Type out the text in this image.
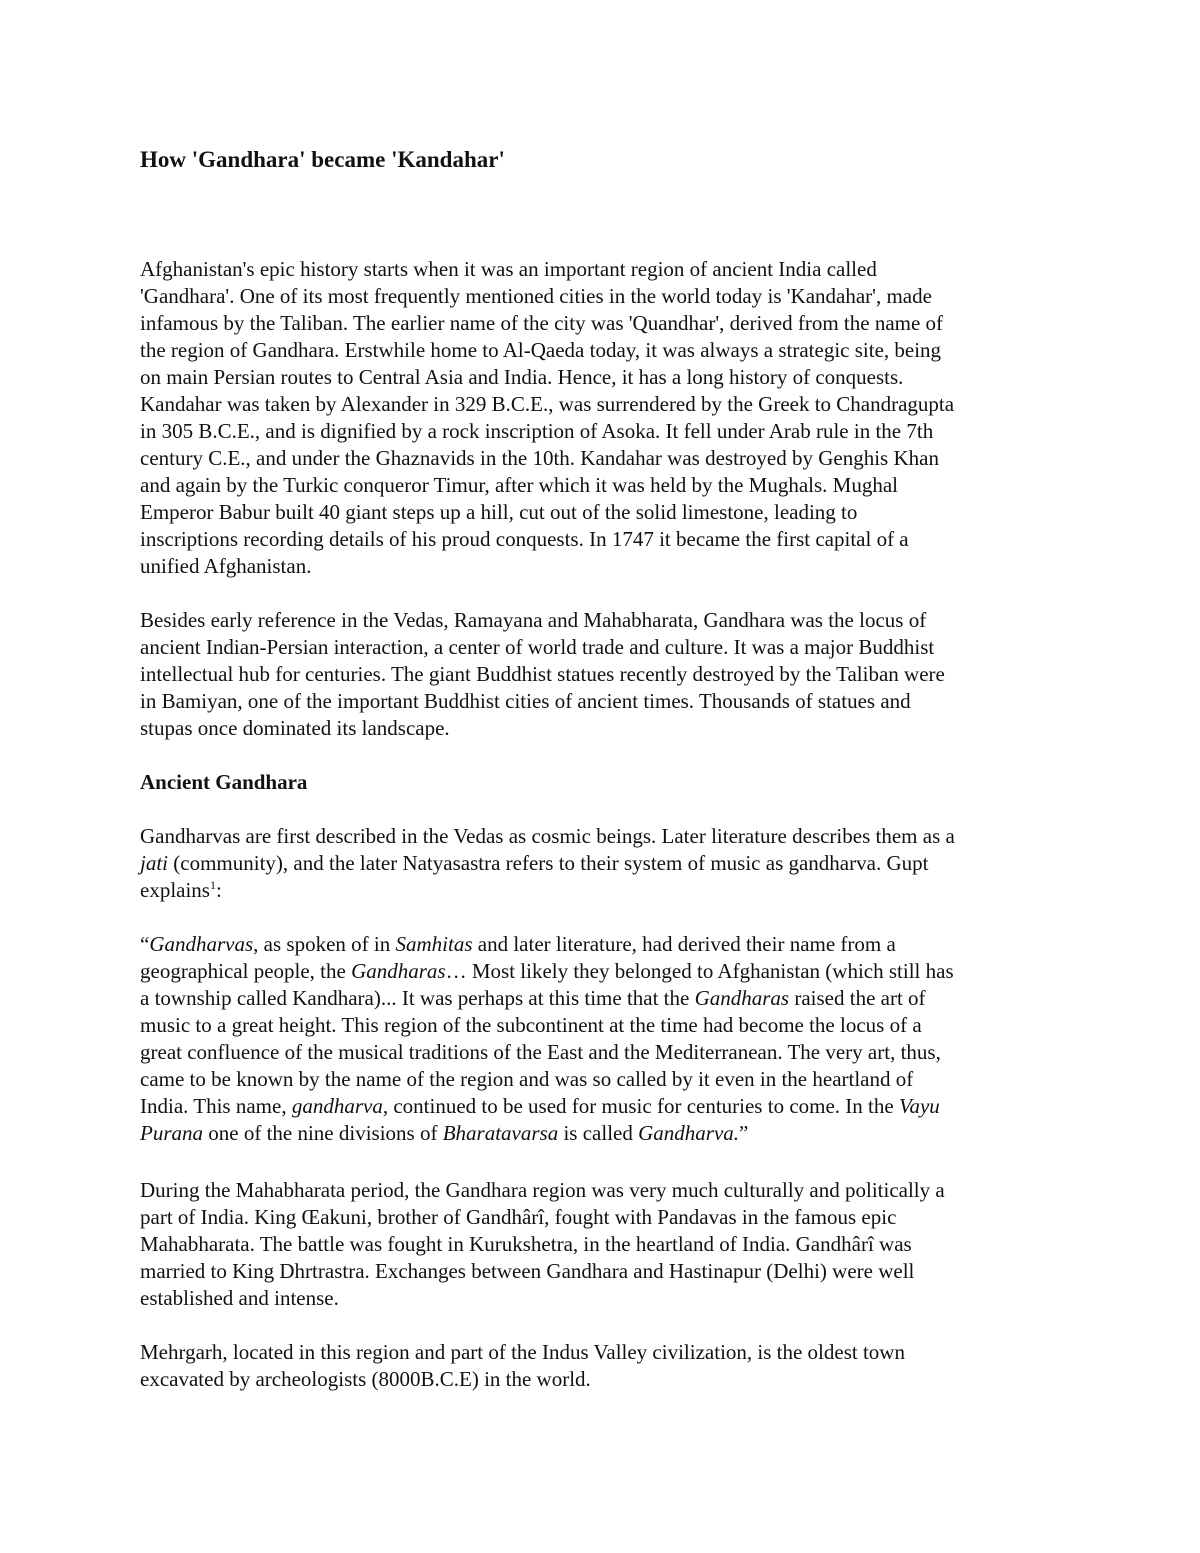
How 'Gandhara' became 'Kandahar'

Afghanistan's epic history starts when it was an important region of ancient India called

'Gandhara'. One of its most frequently mentioned cities in the world today is 'Kandahar', made

infamous by the Taliban. The earlier name of the city was 'Quandhar', derived from the name of

the region of Gandhara. Erstwhile home to Al-Qaeda today, it was always a strategic site, being

on main Persian routes to Central Asia and India. Hence, it has a long history of conquests.

Kandahar was taken by Alexander in 329 B.C.E., was surrendered by the Greek to Chandragupta

in 305 B.C.E., and is dignified by a rock inscription of Asoka. It fell under Arab rule in the 7th

century C.E., and under the Ghaznavids in the 10th. Kandahar was destroyed by Genghis Khan

and again by the Turkic conqueror Timur, after which it was held by the Mughals. Mughal

Emperor Babur built 40 giant steps up a hill, cut out of the solid limestone, leading to

inscriptions recording details of his proud conquests. In 1747 it became the first capital of a

unified Afghanistan.

Besides early reference in the Vedas, Ramayana and Mahabharata, Gandhara was the locus of

ancient Indian-Persian interaction, a center of world trade and culture. It was a major Buddhist

intellectual hub for centuries. The giant Buddhist statues recently destroyed by the Taliban were

in Bamiyan, one of the important Buddhist cities of ancient times. Thousands of statues and

stupas once dominated its landscape.

Ancient Gandhara

Gandharvas are first described in the Vedas as cosmic beings. Later literature describes them as a

jati (community), and the later Natyasastra refers to their system of music as gandharva. Gupt

explains$^1$:

“Gandharvas, as spoken of in Samhitas and later literature, had derived their name from a

geographical people, the Gandharas… Most likely they belonged to Afghanistan (which still has

a township called Kandhara)... It was perhaps at this time that the Gandharas raised the art of

music to a great height. This region of the subcontinent at the time had become the locus of a

great confluence of the musical traditions of the East and the Mediterranean. The very art, thus,

came to be known by the name of the region and was so called by it even in the heartland of

India. This name, gandharva, continued to be used for music for centuries to come. In the Vayu

Purana one of the nine divisions of Bharatavarsa is called Gandharva.”

During the Mahabharata period, the Gandhara region was very much culturally and politically a

part of India. King Œakuni, brother of Gandhârî, fought with Pandavas in the famous epic

Mahabharata. The battle was fought in Kurukshetra, in the heartland of India. Gandhârî was

married to King Dhrtrastra. Exchanges between Gandhara and Hastinapur (Delhi) were well

established and intense.

Mehrgarh, located in this region and part of the Indus Valley civilization, is the oldest town

excavated by archeologists (8000B.C.E) in the world.
